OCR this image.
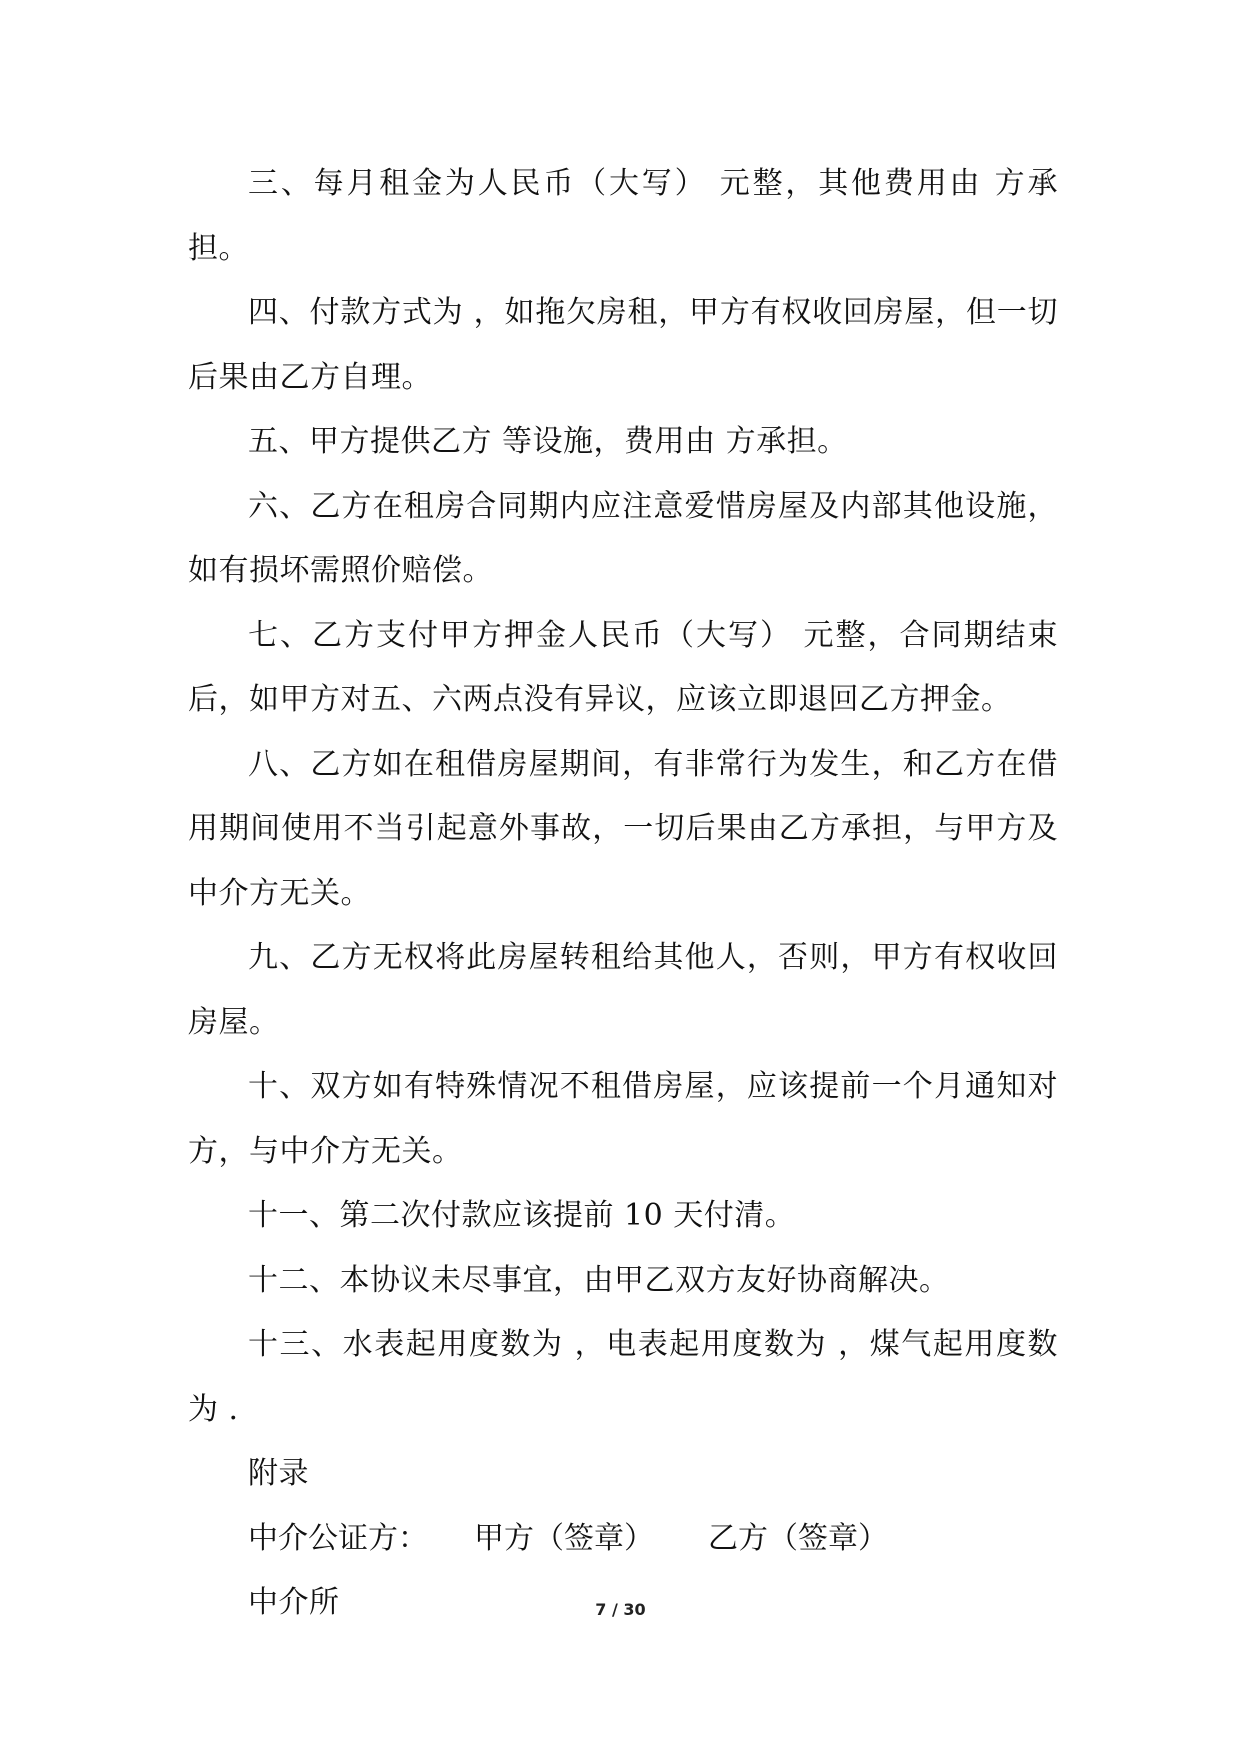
三、每月租金为人民币（大写） 元整，其他费用由 方承担。

四、付款方式为 ，如拖欠房租，甲方有权收回房屋，但一切后果由乙方自理。

五、甲方提供乙方 等设施，费用由 方承担。

六、乙方在租房合同期内应注意爱惜房屋及内部其他设施，如有损坏需照价赔偿。

七、乙方支付甲方押金人民币（大写） 元整，合同期结束后，如甲方对五、六两点没有异议，应该立即退回乙方押金。

八、乙方如在租借房屋期间，有非常行为发生，和乙方在借用期间使用不当引起意外事故，一切后果由乙方承担，与甲方及中介方无关。

九、乙方无权将此房屋转租给其他人，否则，甲方有权收回房屋。

十、双方如有特殊情况不租借房屋，应该提前一个月通知对方，与中介方无关。

十一、第二次付款应该提前 10 天付清。

十二、本协议未尽事宜，由甲乙双方友好协商解决。

十三、水表起用度数为 ，电表起用度数为 ，煤气起用度数为 .

附录

中介公证方： 甲方（签章） 乙方（签章）

中介所	7 / 30
